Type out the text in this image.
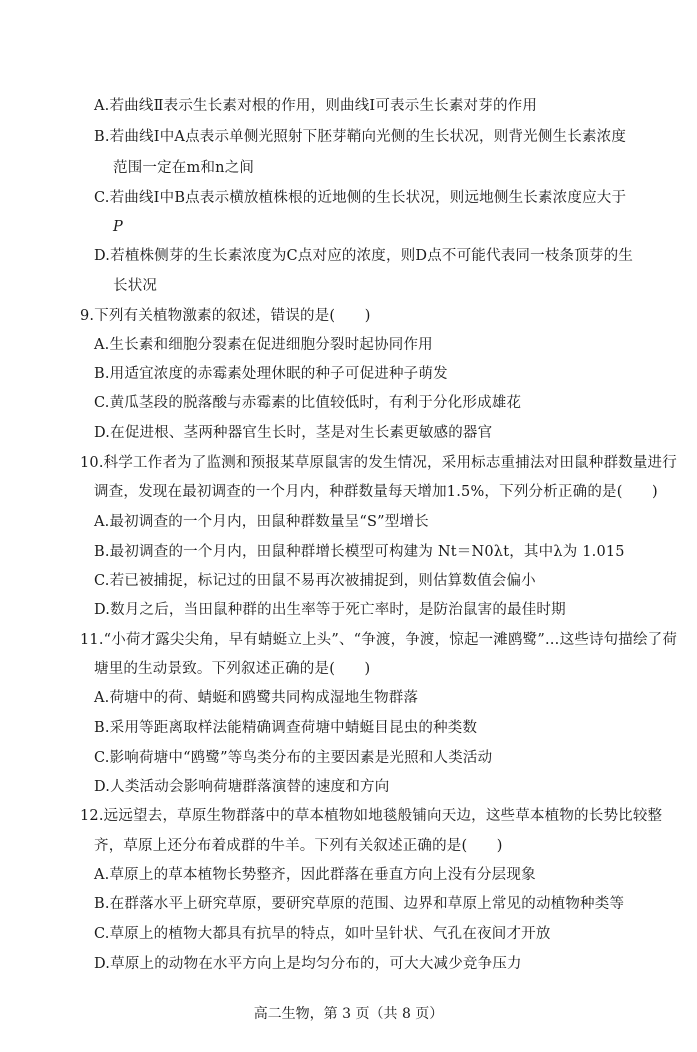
A.若曲线Ⅱ表示生长素对根的作用，则曲线Ⅰ可表示生长素对芽的作用
B.若曲线Ⅰ中A点表示单侧光照射下胚芽鞘向光侧的生长状况，则背光侧生长素浓度
范围一定在m和n之间
C.若曲线Ⅰ中B点表示横放植株根的近地侧的生长状况，则远地侧生长素浓度应大于
P
D.若植株侧芽的生长素浓度为C点对应的浓度，则D点不可能代表同一枝条顶芽的生
长状况
9.下列有关植物激素的叙述，错误的是(　　)
A.生长素和细胞分裂素在促进细胞分裂时起协同作用
B.用适宜浓度的赤霉素处理休眠的种子可促进种子萌发
C.黄瓜茎段的脱落酸与赤霉素的比值较低时，有利于分化形成雄花
D.在促进根、茎两种器官生长时，茎是对生长素更敏感的器官
10.科学工作者为了监测和预报某草原鼠害的发生情况，采用标志重捕法对田鼠种群数量进行
调查，发现在最初调查的一个月内，种群数量每天增加1.5%，下列分析正确的是(　　)
A.最初调查的一个月内，田鼠种群数量呈“S”型增长
B.最初调查的一个月内，田鼠种群增长模型可构建为 Nt＝N0λt，其中λ为 1.015
C.若已被捕捉，标记过的田鼠不易再次被捕捉到，则估算数值会偏小
D.数月之后，当田鼠种群的出生率等于死亡率时，是防治鼠害的最佳时期
11.“小荷才露尖尖角，早有蜻蜓立上头”、“争渡，争渡，惊起一滩鸥鹭”…这些诗句描绘了荷
塘里的生动景致。下列叙述正确的是(　　)
A.荷塘中的荷、蜻蜓和鸥鹭共同构成湿地生物群落
B.采用等距离取样法能精确调查荷塘中蜻蜓目昆虫的种类数
C.影响荷塘中“鸥鹭”等鸟类分布的主要因素是光照和人类活动
D.人类活动会影响荷塘群落演替的速度和方向
12.远远望去，草原生物群落中的草本植物如地毯般铺向天边，这些草本植物的长势比较整
齐，草原上还分布着成群的牛羊。下列有关叙述正确的是(　　)
A.草原上的草本植物长势整齐，因此群落在垂直方向上没有分层现象
B.在群落水平上研究草原，要研究草原的范围、边界和草原上常见的动植物种类等
C.草原上的植物大都具有抗旱的特点，如叶呈针状、气孔在夜间才开放
D.草原上的动物在水平方向上是均匀分布的，可大大减少竞争压力
高二生物，第 3 页（共 8 页）
